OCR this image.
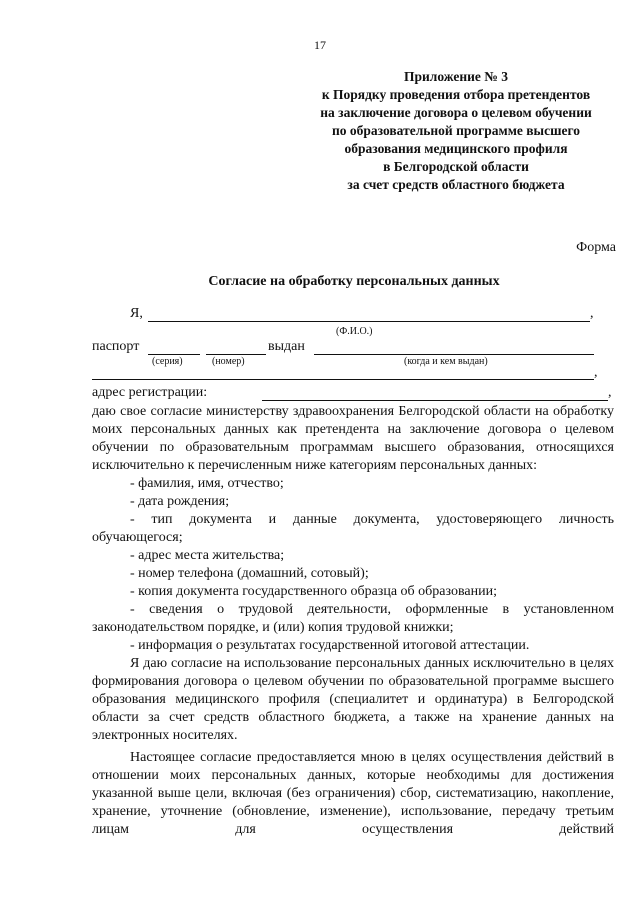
17
Приложение № 3
к Порядку проведения отбора претендентов
на заключение договора о целевом обучении
по образовательной программе высшего
образования медицинского профиля
в Белгородской области
за счет средств областного бюджета
Форма
Согласие на обработку персональных данных
Я,	,
(Ф.И.О.)
паспорт	выдан
(серия)	(номер)	(когда и кем выдан)
,
адрес регистрации:	,

даю свое согласие министерству здравоохранения Белгородской области на обработку моих персональных данных как претендента на заключение договора о целевом обучении по образовательным программам высшего образования, относящихся исключительно к перечисленным ниже категориям персональных данных:

- фамилия, имя, отчество;

- дата рождения;

- тип документа и данные документа, удостоверяющего личность обучающегося;

- адрес места жительства;

- номер телефона (домашний, сотовый);

- копия документа государственного образца об образовании;

- сведения о трудовой деятельности, оформленные в установленном законодательством порядке, и (или) копия трудовой книжки;

- информация о результатах государственной итоговой аттестации.

Я даю согласие на использование персональных данных исключительно в целях формирования договора о целевом обучении по образовательной программе высшего образования медицинского профиля (специалитет и ординатура) в Белгородской области за счет средств областного бюджета, а также на хранение данных на электронных носителях.

Настоящее согласие предоставляется мною в целях осуществления действий в отношении моих персональных данных, которые необходимы для достижения указанной выше цели, включая (без ограничения) сбор, систематизацию, накопление, хранение, уточнение (обновление, изменение), использование, передачу третьим лицам для осуществления действий
